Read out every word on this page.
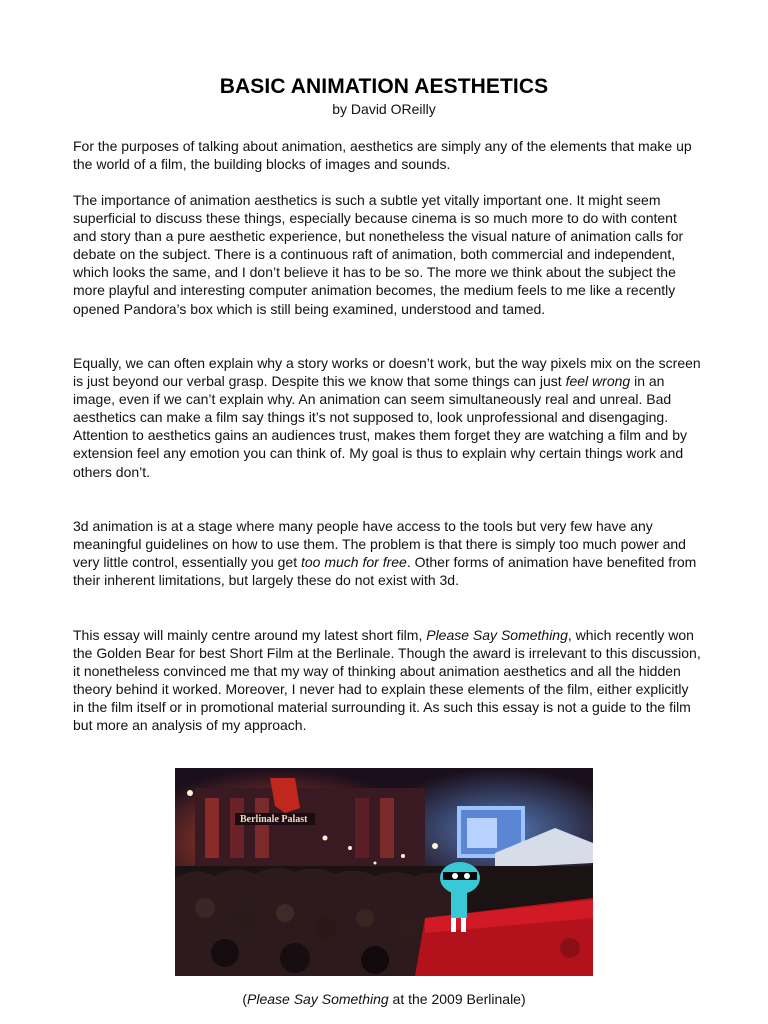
BASIC ANIMATION AESTHETICS
by David OReilly

For the purposes of talking about animation, aesthetics are simply any of the elements that make up the world of a film, the building blocks of images and sounds.

The importance of animation aesthetics is such a subtle yet vitally important one. It might seem superficial to discuss these things, especially because cinema is so much more to do with content and story than a pure aesthetic experience, but nonetheless the visual nature of animation calls for debate on the subject. There is a continuous raft of animation, both commercial and independent, which looks the same, and I don’t believe it has to be so. The more we think about the subject the more playful and interesting computer animation becomes, the medium feels to me like a recently opened Pandora’s box which is still being examined, understood and tamed.

Equally, we can often explain why a story works or doesn’t work, but the way pixels mix on the screen is just beyond our verbal grasp. Despite this we know that some things can just feel wrong in an image, even if we can’t explain why. An animation can seem simultaneously real and unreal. Bad aesthetics can make a film say things it’s not supposed to, look unprofessional and disengaging. Attention to aesthetics gains an audiences trust, makes them forget they are watching a film and by extension feel any emotion you can think of. My goal is thus to explain why certain things work and others don’t.

3d animation is at a stage where many people have access to the tools but very few have any meaningful guidelines on how to use them. The problem is that there is simply too much power and very little control, essentially you get too much for free. Other forms of animation have benefited from their inherent limitations, but largely these do not exist with 3d.

This essay will mainly centre around my latest short film, Please Say Something, which recently won the Golden Bear for best Short Film at the Berlinale. Though the award is irrelevant to this discussion, it nonetheless convinced me that my way of thinking about animation aesthetics and all the hidden theory behind it worked. Moreover, I never had to explain these elements of the film, either explicitly in the film itself or in promotional material surrounding it. As such this essay is not a guide to the film but more an analysis of my approach.

Berlinale Palast
(Please Say Something at the 2009 Berlinale)
